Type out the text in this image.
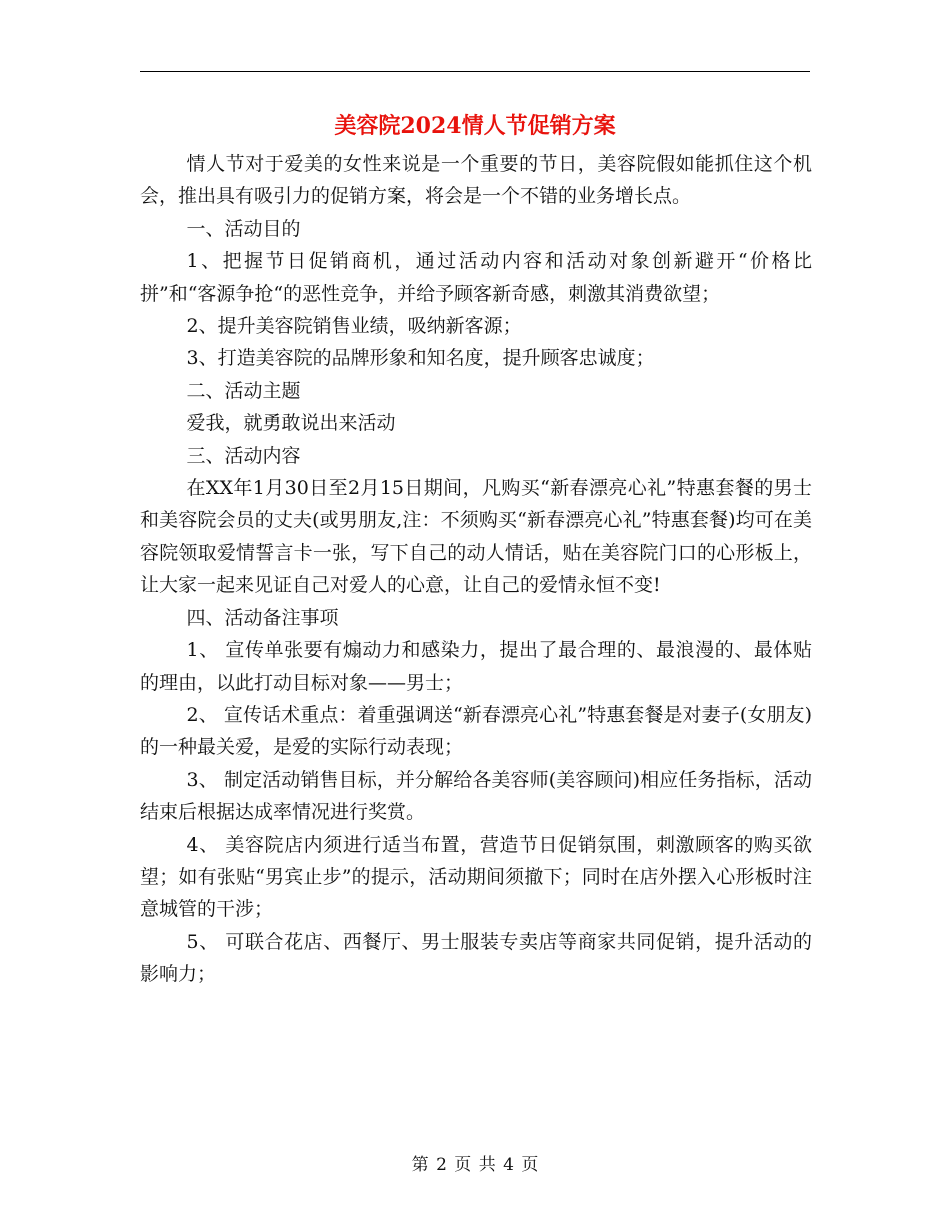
美容院2024情人节促销方案

情人节对于爱美的女性来说是一个重要的节日，美容院假如能抓住这个机会，推出具有吸引力的促销方案，将会是一个不错的业务增长点。

一、活动目的

1、把握节日促销商机，通过活动内容和活动对象创新避开“价格比拼”和“客源争抢“的恶性竞争，并给予顾客新奇感，刺激其消费欲望；

2、提升美容院销售业绩，吸纳新客源；

3、打造美容院的品牌形象和知名度，提升顾客忠诚度；

二、活动主题

爱我，就勇敢说出来活动

三、活动内容

在XX年1月30日至2月15日期间，凡购买“新春漂亮心礼”特惠套餐的男士和美容院会员的丈夫(或男朋友,注：不须购买“新春漂亮心礼”特惠套餐)均可在美容院领取爱情誓言卡一张，写下自己的动人情话，贴在美容院门口的心形板上，让大家一起来见证自己对爱人的心意，让自己的爱情永恒不变!

四、活动备注事项

1、 宣传单张要有煽动力和感染力，提出了最合理的、最浪漫的、最体贴的理由，以此打动目标对象——男士；

2、 宣传话术重点：着重强调送“新春漂亮心礼”特惠套餐是对妻子(女朋友)的一种最关爱，是爱的实际行动表现；

3、 制定活动销售目标，并分解给各美容师(美容顾问)相应任务指标，活动结束后根据达成率情况进行奖赏。

4、 美容院店内须进行适当布置，营造节日促销氛围，刺激顾客的购买欲望；如有张贴“男宾止步”的提示，活动期间须撤下；同时在店外摆入心形板时注意城管的干涉；

5、 可联合花店、西餐厅、男士服装专卖店等商家共同促销，提升活动的影响力；

第 2 页 共 4 页
